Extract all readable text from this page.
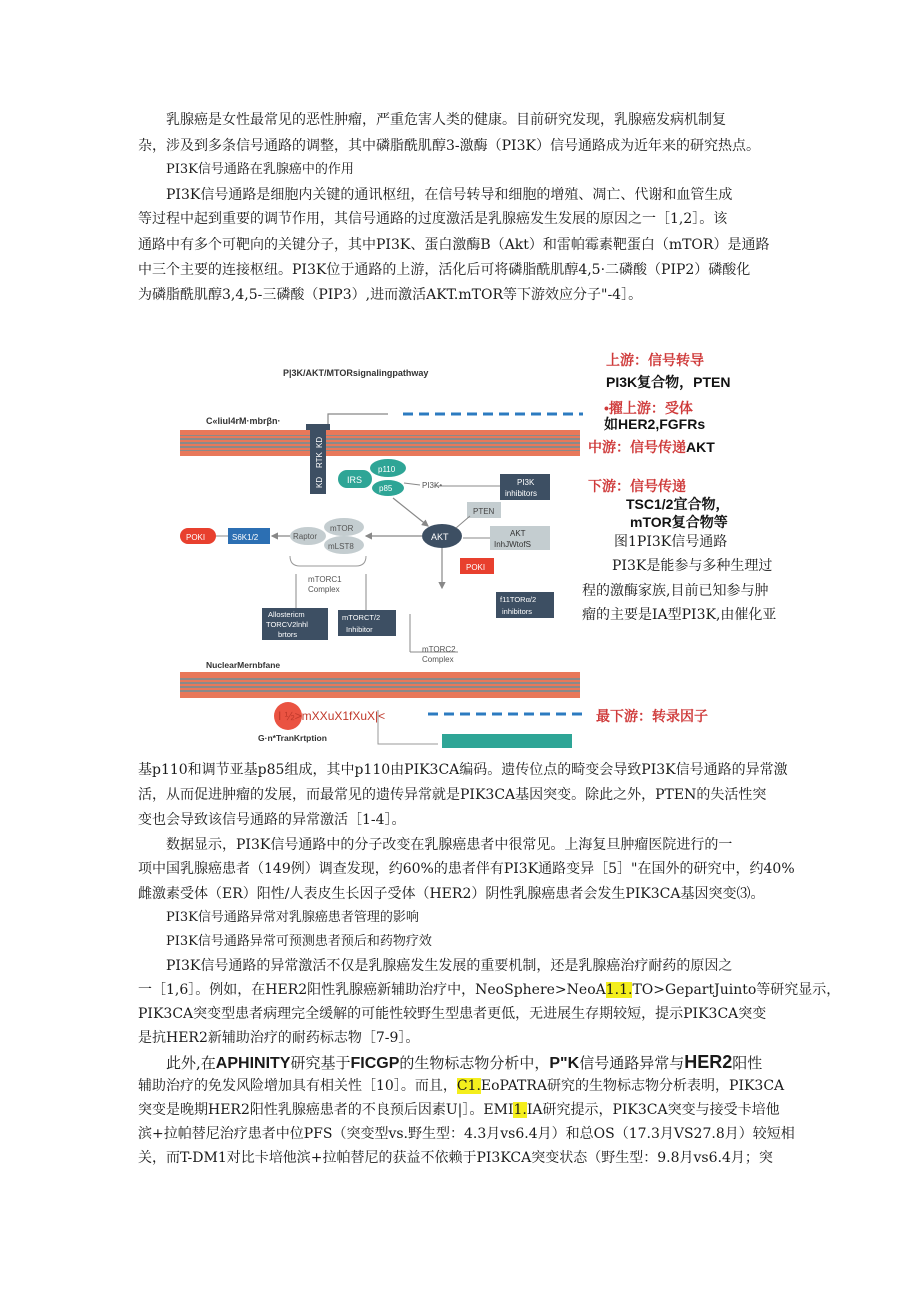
乳腺癌是女性最常见的恶性肿瘤，严重危害人类的健康。目前研究发现，乳腺癌发病机制复
杂，涉及到多条信号通路的调整，其中磷脂酰肌醇3-激酶（PI3K）信号通路成为近年来的研究热点。
PI3K信号通路在乳腺癌中的作用
PI3K信号通路是细胞内关键的通讯枢纽，在信号转导和细胞的增殖、凋亡、代谢和血管生成
等过程中起到重要的调节作用，其信号通路的过度激活是乳腺癌发生发展的原因之一［1,2］。该
通路中有多个可靶向的关键分子，其中PI3K、蛋白激酶B（Akt）和雷帕霉素靶蛋白（mTOR）是通路
中三个主要的连接枢纽。PI3K位于通路的上游，活化后可将磷脂酰肌醇4,5·二磷酸（PIP2）磷酸化
为磷脂酰肌醇3,4,5-三磷酸（PIP3）,进而激活AKT.mTOR等下游效应分子"-4］。
P|3K/AKT/MTORsignalingpathway
C«liul4rM·mbrβn·
KD
RTK
KD
IRS
p110
p85	PI3K•	PI3K
inhibitors
PTEN
AKT	AKT
InhJWtofS
POKI	S6K1/2	Raptor
mTOR
mLST8
POKI
mTORC1
Complex
Allostericm
TORCV2lnhl
brtors
mTORCT/2
Inhibitor
f11TORα/2
inhibitors
mTORC2
Complex
NuclearMernbfane
I ½>mXXuX1fXuX|<
G·n*TranKrtption
上游：信号转导
PI3K复合物，PTEN
•擢上游：受体
如HER2,FGFRs
中游：信号传递AKT
下游：信号传递
TSC1/2宜合物，
mTOR复合物等
最下游：转录因子
图1PI3K信号通路
PI3K是能参与多种生理过
程的激酶家族,目前已知参与肿
瘤的主要是IA型PI3K,由催化亚
基p110和调节亚基p85组成，其中p110由PIK3CA编码。遗传位点的畸变会导致PI3K信号通路的异常激
活，从而促进肿瘤的发展，而最常见的遗传异常就是PIK3CA基因突变。除此之外，PTEN的失活性突
变也会导致该信号通路的异常激活［1-4］。
数据显示，PI3K信号通路中的分子改变在乳腺癌患者中很常见。上海复旦肿瘤医院进行的一
项中国乳腺癌患者（149例）调查发现，约60%的患者伴有PI3K通路变异［5］"在国外的研究中，约40%
雌激素受体（ER）阳性/人表皮生长因子受体（HER2）阴性乳腺癌患者会发生PIK3CA基因突变⑶。
PI3K信号通路异常对乳腺癌患者管理的影响
PI3K信号通路异常可预测患者预后和药物疗效
PI3K信号通路的异常激活不仅是乳腺癌发生发展的重要机制，还是乳腺癌治疗耐药的原因之
一［1,6］。例如，在HER2阳性乳腺癌新辅助治疗中，NeoSphere>NeoA1.1.TO>GepartJuinto等研究显示，
PIK3CA突变型患者病理完全缓解的可能性较野生型患者更低，无进展生存期较短，提示PIK3CA突变
是抗HER2新辅助治疗的耐药标志物［7-9］。
此外,在APHINITY研究基于FICGP的生物标志物分析中，P"K信号通路异常与HER2阳性
辅助治疗的免发风险增加具有相关性［10］。而且，C1.EoPATRA研究的生物标志物分析表明，PIK3CA
突变是晚期HER2阳性乳腺癌患者的不良预后因素U|］。EMI1.IA研究提示，PIK3CA突变与接受卡培他
滨+拉帕替尼治疗患者中位PFS（突变型vs.野生型：4.3月vs6.4月）和总OS（17.3月VS27.8月）较短相
关，而T-DM1对比卡培他滨+拉帕替尼的获益不依赖于PI3KCA突变状态（野生型：9.8月vs6.4月；突
